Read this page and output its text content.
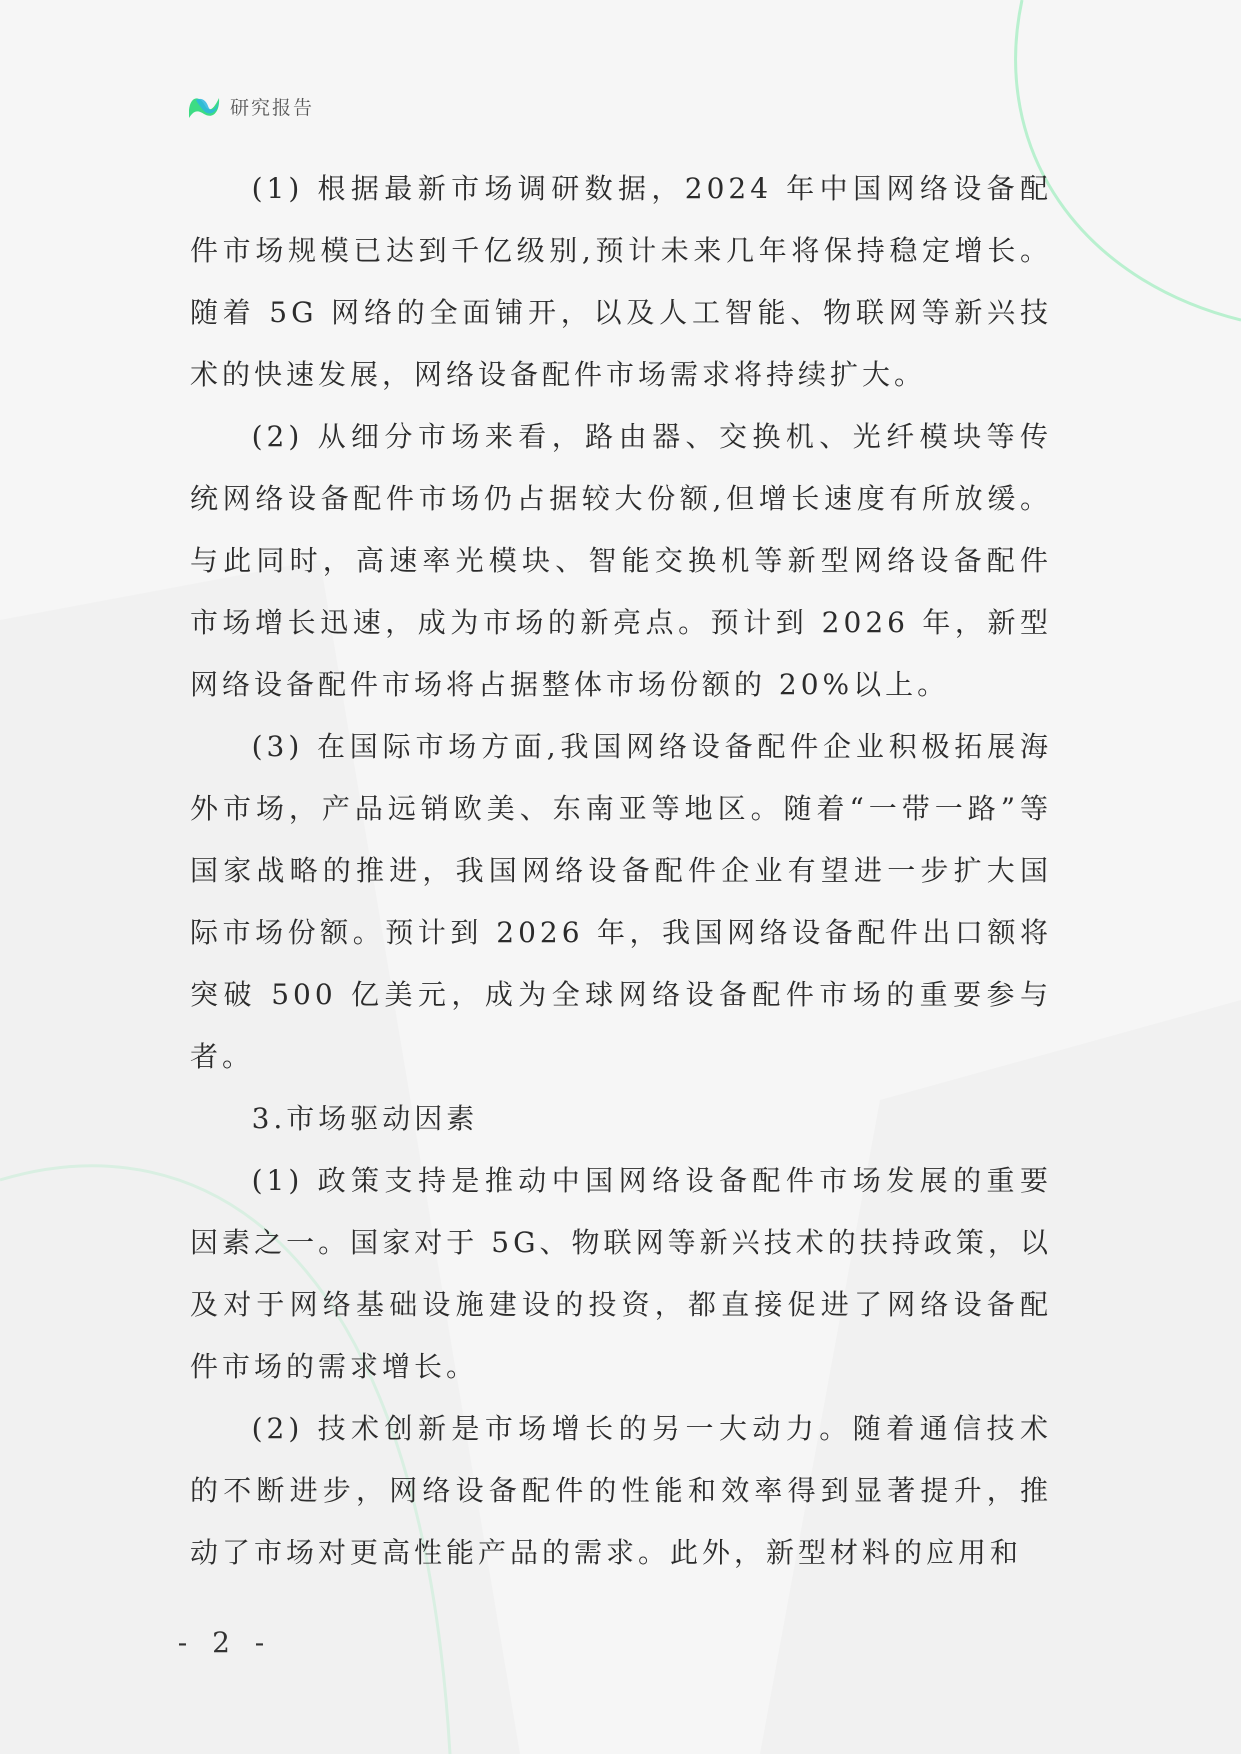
研究报告

(1) 根据最新市场调研数据，2024 年中国网络设备配件市场规模已达到千亿级别,预计未来几年将保持稳定增长。随着 5G 网络的全面铺开，以及人工智能、物联网等新兴技术的快速发展，网络设备配件市场需求将持续扩大。

(2) 从细分市场来看，路由器、交换机、光纤模块等传统网络设备配件市场仍占据较大份额,但增长速度有所放缓。与此同时，高速率光模块、智能交换机等新型网络设备配件市场增长迅速，成为市场的新亮点。预计到 2026 年，新型网络设备配件市场将占据整体市场份额的 20%以上。

(3) 在国际市场方面,我国网络设备配件企业积极拓展海外市场，产品远销欧美、东南亚等地区。随着“一带一路”等国家战略的推进，我国网络设备配件企业有望进一步扩大国际市场份额。预计到 2026 年，我国网络设备配件出口额将突破 500 亿美元，成为全球网络设备配件市场的重要参与者。

3.市场驱动因素

(1) 政策支持是推动中国网络设备配件市场发展的重要因素之一。国家对于 5G、物联网等新兴技术的扶持政策，以及对于网络基础设施建设的投资，都直接促进了网络设备配件市场的需求增长。

(2) 技术创新是市场增长的另一大动力。随着通信技术的不断进步，网络设备配件的性能和效率得到显著提升，推动了市场对更高性能产品的需求。此外，新型材料的应用和

- 2 -
